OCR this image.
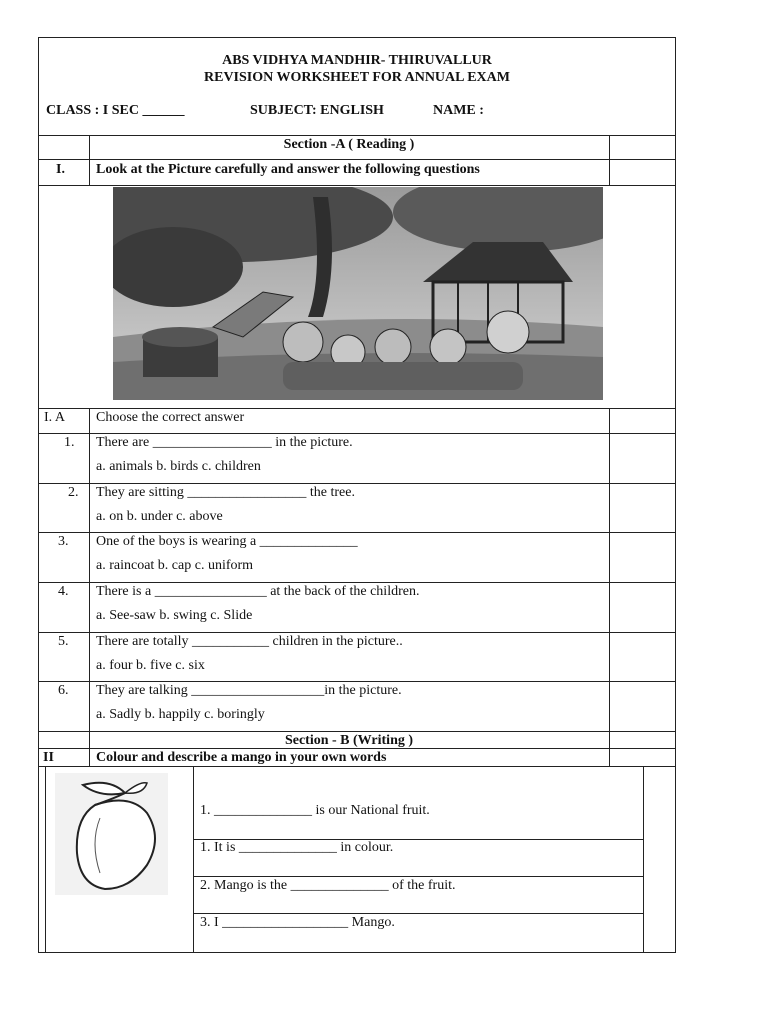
ABS VIDHYA MANDHIR- THIRUVALLUR
REVISION WORKSHEET FOR ANNUAL EXAM
CLASS : I SEC ______	SUBJECT: ENGLISH	NAME :
Section -A ( Reading )
I. Look at the Picture carefully and answer the following questions
I. A Choose the correct answer
1. There are _________________ in the picture.
a. animals b. birds c. children
2. They are sitting _________________ the tree.
a. on b. under c. above
3. One of the boys is wearing a ______________
a. raincoat b. cap c. uniform
4. There is a ________________ at the back of the children.
a. See-saw b. swing c. Slide
5. There are totally ___________ children in the picture..
a. four b. five c. six
6. They are talking ___________________in the picture.
a. Sadly b. happily c. boringly
Section - B (Writing )
II	Colour and describe a mango in your own words
1. ______________ is our National fruit.
1. It is ______________ in colour.
2. Mango is the ______________ of the fruit.
3. I __________________ Mango.
